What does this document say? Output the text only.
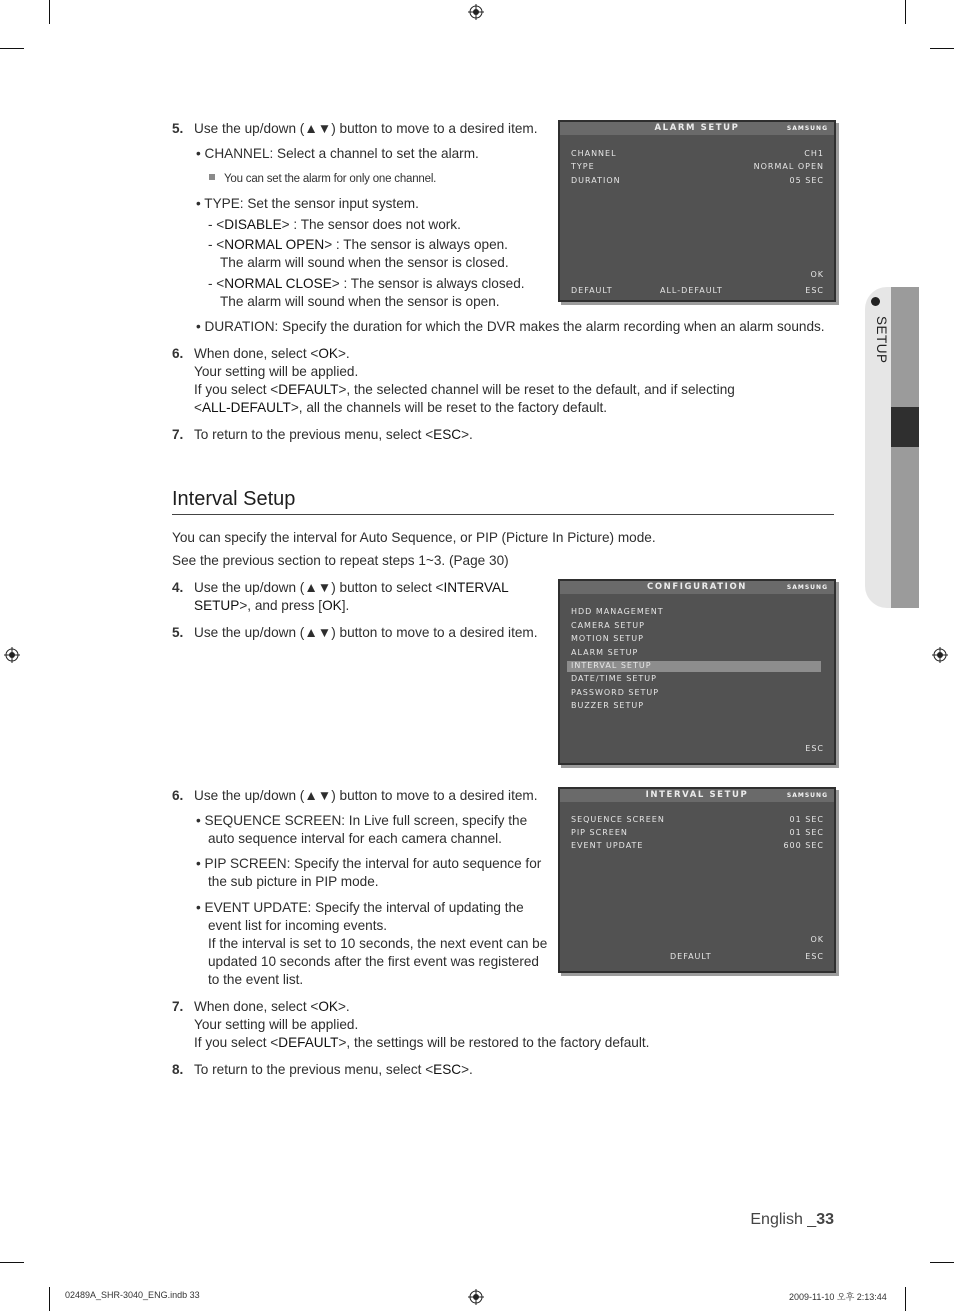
5. Use the up/down (▲▼) button to move to a desired item.
• CHANNEL: Select a channel to set the alarm.
You can set the alarm for only one channel.
• TYPE: Set the sensor input system.
- <DISABLE> : The sensor does not work.
- <NORMAL OPEN> : The sensor is always open.
The alarm will sound when the sensor is closed.
- <NORMAL CLOSE> : The sensor is always closed.
The alarm will sound when the sensor is open.
• DURATION: Specify the duration for which the DVR makes the alarm recording when an alarm sounds.
6. When done, select <OK>.
Your setting will be applied.
If you select <DEFAULT>, the selected channel will be reset to the default, and if selecting
<ALL-DEFAULT>, all the channels will be reset to the factory default.
7. To return to the previous menu, select <ESC>.
ALARM SETUP	SAMSUNG
CHANNEL	CH1
TYPE	NORMAL OPEN
DURATION	05 SEC
OK
DEFAULT	ALL-DEFAULT	ESC
Interval Setup
You can specify the interval for Auto Sequence, or PIP (Picture In Picture) mode.
See the previous section to repeat steps 1~3. (Page 30)
4. Use the up/down (▲▼) button to select <INTERVAL
SETUP>, and press [OK].
5. Use the up/down (▲▼) button to move to a desired item.
CONFIGURATION	SAMSUNG
HDD MANAGEMENT
CAMERA SETUP
MOTION SETUP
ALARM SETUP
INTERVAL SETUP
DATE/TIME SETUP
PASSWORD SETUP
BUZZER SETUP
ESC
6. Use the up/down (▲▼) button to move to a desired item.
• SEQUENCE SCREEN: In Live full screen, specify the
auto sequence interval for each camera channel.
• PIP SCREEN: Specify the interval for auto sequence for
the sub picture in PIP mode.
• EVENT UPDATE: Specify the interval of updating the
event list for incoming events.
If the interval is set to 10 seconds, the next event can be
updated 10 seconds after the first event was registered
to the event list.
INTERVAL SETUP	SAMSUNG
SEQUENCE SCREEN	01 SEC
PIP SCREEN	01 SEC
EVENT UPDATE	600 SEC
OK
DEFAULT	ESC
7. When done, select <OK>.
Your setting will be applied.
If you select <DEFAULT>, the settings will be restored to the factory default.
8. To return to the previous menu, select <ESC>.
SETUP
English _33
02489A_SHR-3040_ENG.indb 33	2009-11-10 오후 2:13:44
